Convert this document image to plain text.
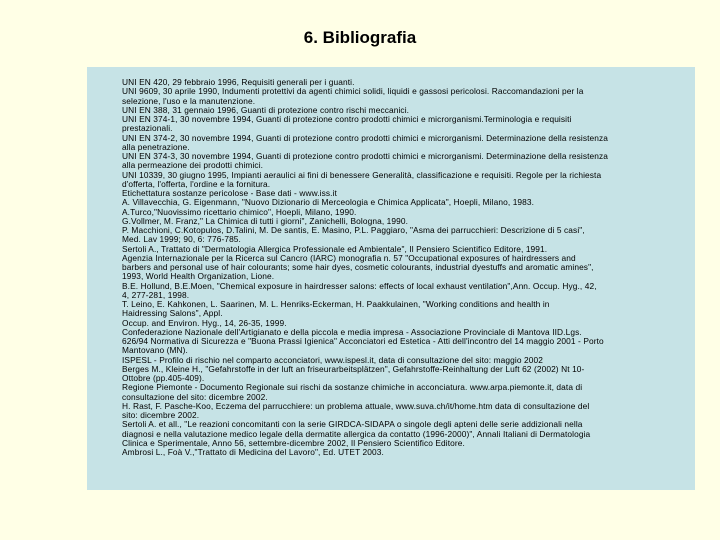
6. Bibliografia
UNI EN 420, 29 febbraio 1996, Requisiti generali per i guanti.
UNI 9609, 30 aprile 1990, Indumenti protettivi da agenti chimici solidi, liquidi e gassosi pericolosi. Raccomandazioni per la
selezione, l'uso e la manutenzione.
UNI EN 388, 31 gennaio 1996, Guanti di protezione contro rischi meccanici.
UNI EN 374-1, 30 novembre 1994, Guanti di protezione contro prodotti chimici e microrganismi.Terminologia e requisiti
prestazionali.
UNI EN 374-2, 30 novembre 1994, Guanti di protezione contro prodotti chimici e microrganismi. Determinazione della resistenza
alla penetrazione.
UNI EN 374-3, 30 novembre 1994, Guanti di protezione contro prodotti chimici e microrganismi. Determinazione della resistenza
alla permeazione dei prodotti chimici.
UNI 10339, 30 giugno 1995, Impianti aeraulici ai fini di benessere Generalità, classificazione e requisiti. Regole per la richiesta
d'offerta, l'offerta, l'ordine e la fornitura.
Etichettatura sostanze pericolose - Base dati - www.iss.it
A. Villavecchia, G. Eigenmann, "Nuovo Dizionario di Merceologia e Chimica Applicata", Hoepli, Milano, 1983.
A.Turco,"Nuovissimo ricettario chimico", Hoepli, Milano, 1990.
G.Vollmer, M. Franz," La Chimica di tutti i giorni", Zanichelli, Bologna, 1990.
P. Macchioni, C.Kotopulos, D.Talini, M. De santis, E. Masino, P.L. Paggiaro, "Asma dei parrucchieri: Descrizione di 5 casi",
Med. Lav 1999; 90, 6: 776-785.
Sertoli A., Trattato di "Dermatologia Allergica Professionale ed Ambientale", Il Pensiero Scientifico Editore, 1991.
Agenzia Internazionale per la Ricerca sul Cancro (IARC) monografia n. 57 "Occupational exposures of hairdressers and
barbers and personal use of hair colourants; some hair dyes, cosmetic colourants, industrial dyestuffs and aromatic amines",
1993, World Health Organization, Lione.
B.E. Hollund, B.E.Moen, "Chemical exposure in hairdresser salons: effects of local exhaust ventilation",Ann. Occup. Hyg., 42,
4, 277-281, 1998.
T. Leino, E. Kahkonen, L. Saarinen, M. L. Henriks-Eckerman, H. Paakkulainen, "Working conditions and health in
Haidressing Salons", Appl.
Occup. and Environ. Hyg., 14, 26-35, 1999.
Confederazione Nazionale dell'Artigianato e della piccola e media impresa - Associazione Provinciale di Mantova IID.Lgs.
626/94 Normativa di Sicurezza e "Buona Prassi Igienica" Acconciatori ed Estetica - Atti dell'incontro del 14 maggio 2001 - Porto
Mantovano (MN).
ISPESL - Profilo di rischio nel comparto acconciatori, www.ispesl.it, data di consultazione del sito: maggio 2002
Berges M., Kleine H., "Gefahrstoffe in der luft an friseurarbeitsplätzen", Gefahrstoffe-Reinhaltung der Luft 62 (2002) Nt 10-
Ottobre (pp.405-409).
Regione Piemonte - Documento Regionale sui rischi da sostanze chimiche in acconciatura. www.arpa.piemonte.it, data di
consultazione del sito: dicembre 2002.
H. Rast, F. Pasche-Koo, Eczema del parrucchiere: un problema attuale, www.suva.ch/it/home.htm data di consultazione del
sito: dicembre 2002.
Sertoli A. et all., "Le reazioni concomitanti con la serie GIRDCA-SIDAPA o singole degli apteni delle serie addizionali nella
diagnosi e nella valutazione medico legale della dermatite allergica da contatto (1996-2000)", Annali Italiani di Dermatologia
Clinica e Sperimentale, Anno 56, settembre-dicembre 2002, Il Pensiero Scientifico Editore.
Ambrosi L., Foà V.,"Trattato di Medicina del Lavoro", Ed. UTET 2003.
